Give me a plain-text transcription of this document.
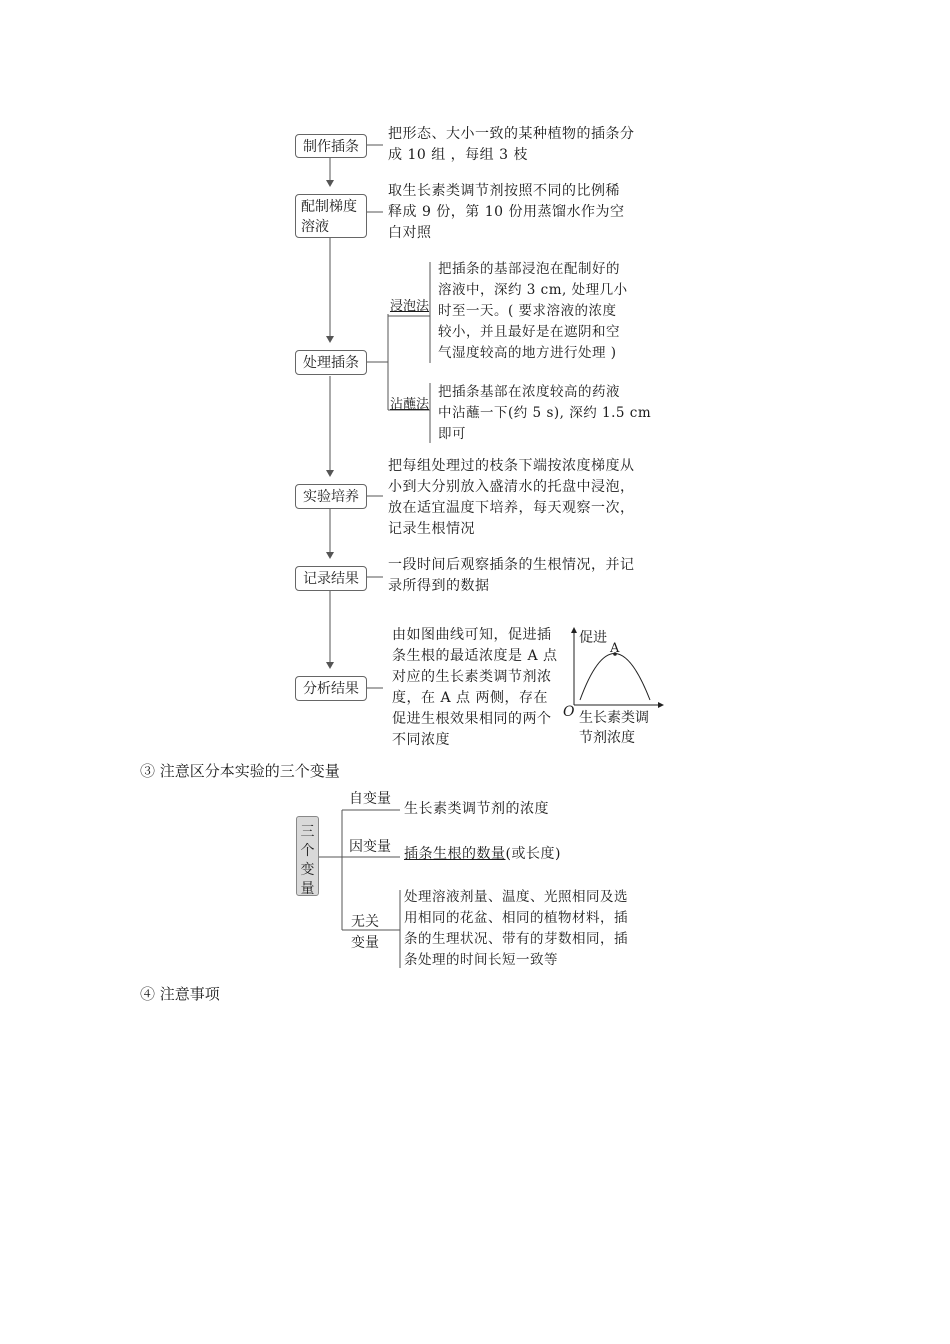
制作插条
配制梯度
溶液
处理插条
实验培养
记录结果
分析结果
把形态、大小一致的某种植物的插条分
成 10 组 ，每组 3 枝
取生长素类调节剂按照不同的比例稀
释成 9 份，第 10 份用蒸馏水作为空
白对照
浸泡法
把插条的基部浸泡在配制好的
溶液中，深约 3 cm, 处理几小
时至一天。( 要求溶液的浓度
较小，并且最好是在遮阴和空
气湿度较高的地方进行处理 )
沾蘸法
把插条基部在浓度较高的药液
中沾蘸一下(约 5 s), 深约 1.5 cm
即可
把每组处理过的枝条下端按浓度梯度从
小到大分别放入盛清水的托盘中浸泡，
放在适宜温度下培养，每天观察一次，
记录生根情况
一段时间后观察插条的生根情况，并记
录所得到的数据
由如图曲线可知，促进插
条生根的最适浓度是 A 点
对应的生长素类调节剂浓
度，在 A 点 两侧，存在
促进生根效果相同的两个
不同浓度
促进
A
O 生长素类调
节剂浓度
③ 注意区分本实验的三个变量
三
个
变
量
自变量
生长素类调节剂的浓度
因变量 插条生根的数量(或长度)
无关
变量
处理溶液剂量、温度、光照相同及选
用相同的花盆、相同的植物材料，插
条的生理状况、带有的芽数相同，插
条处理的时间长短一致等
④ 注意事项
